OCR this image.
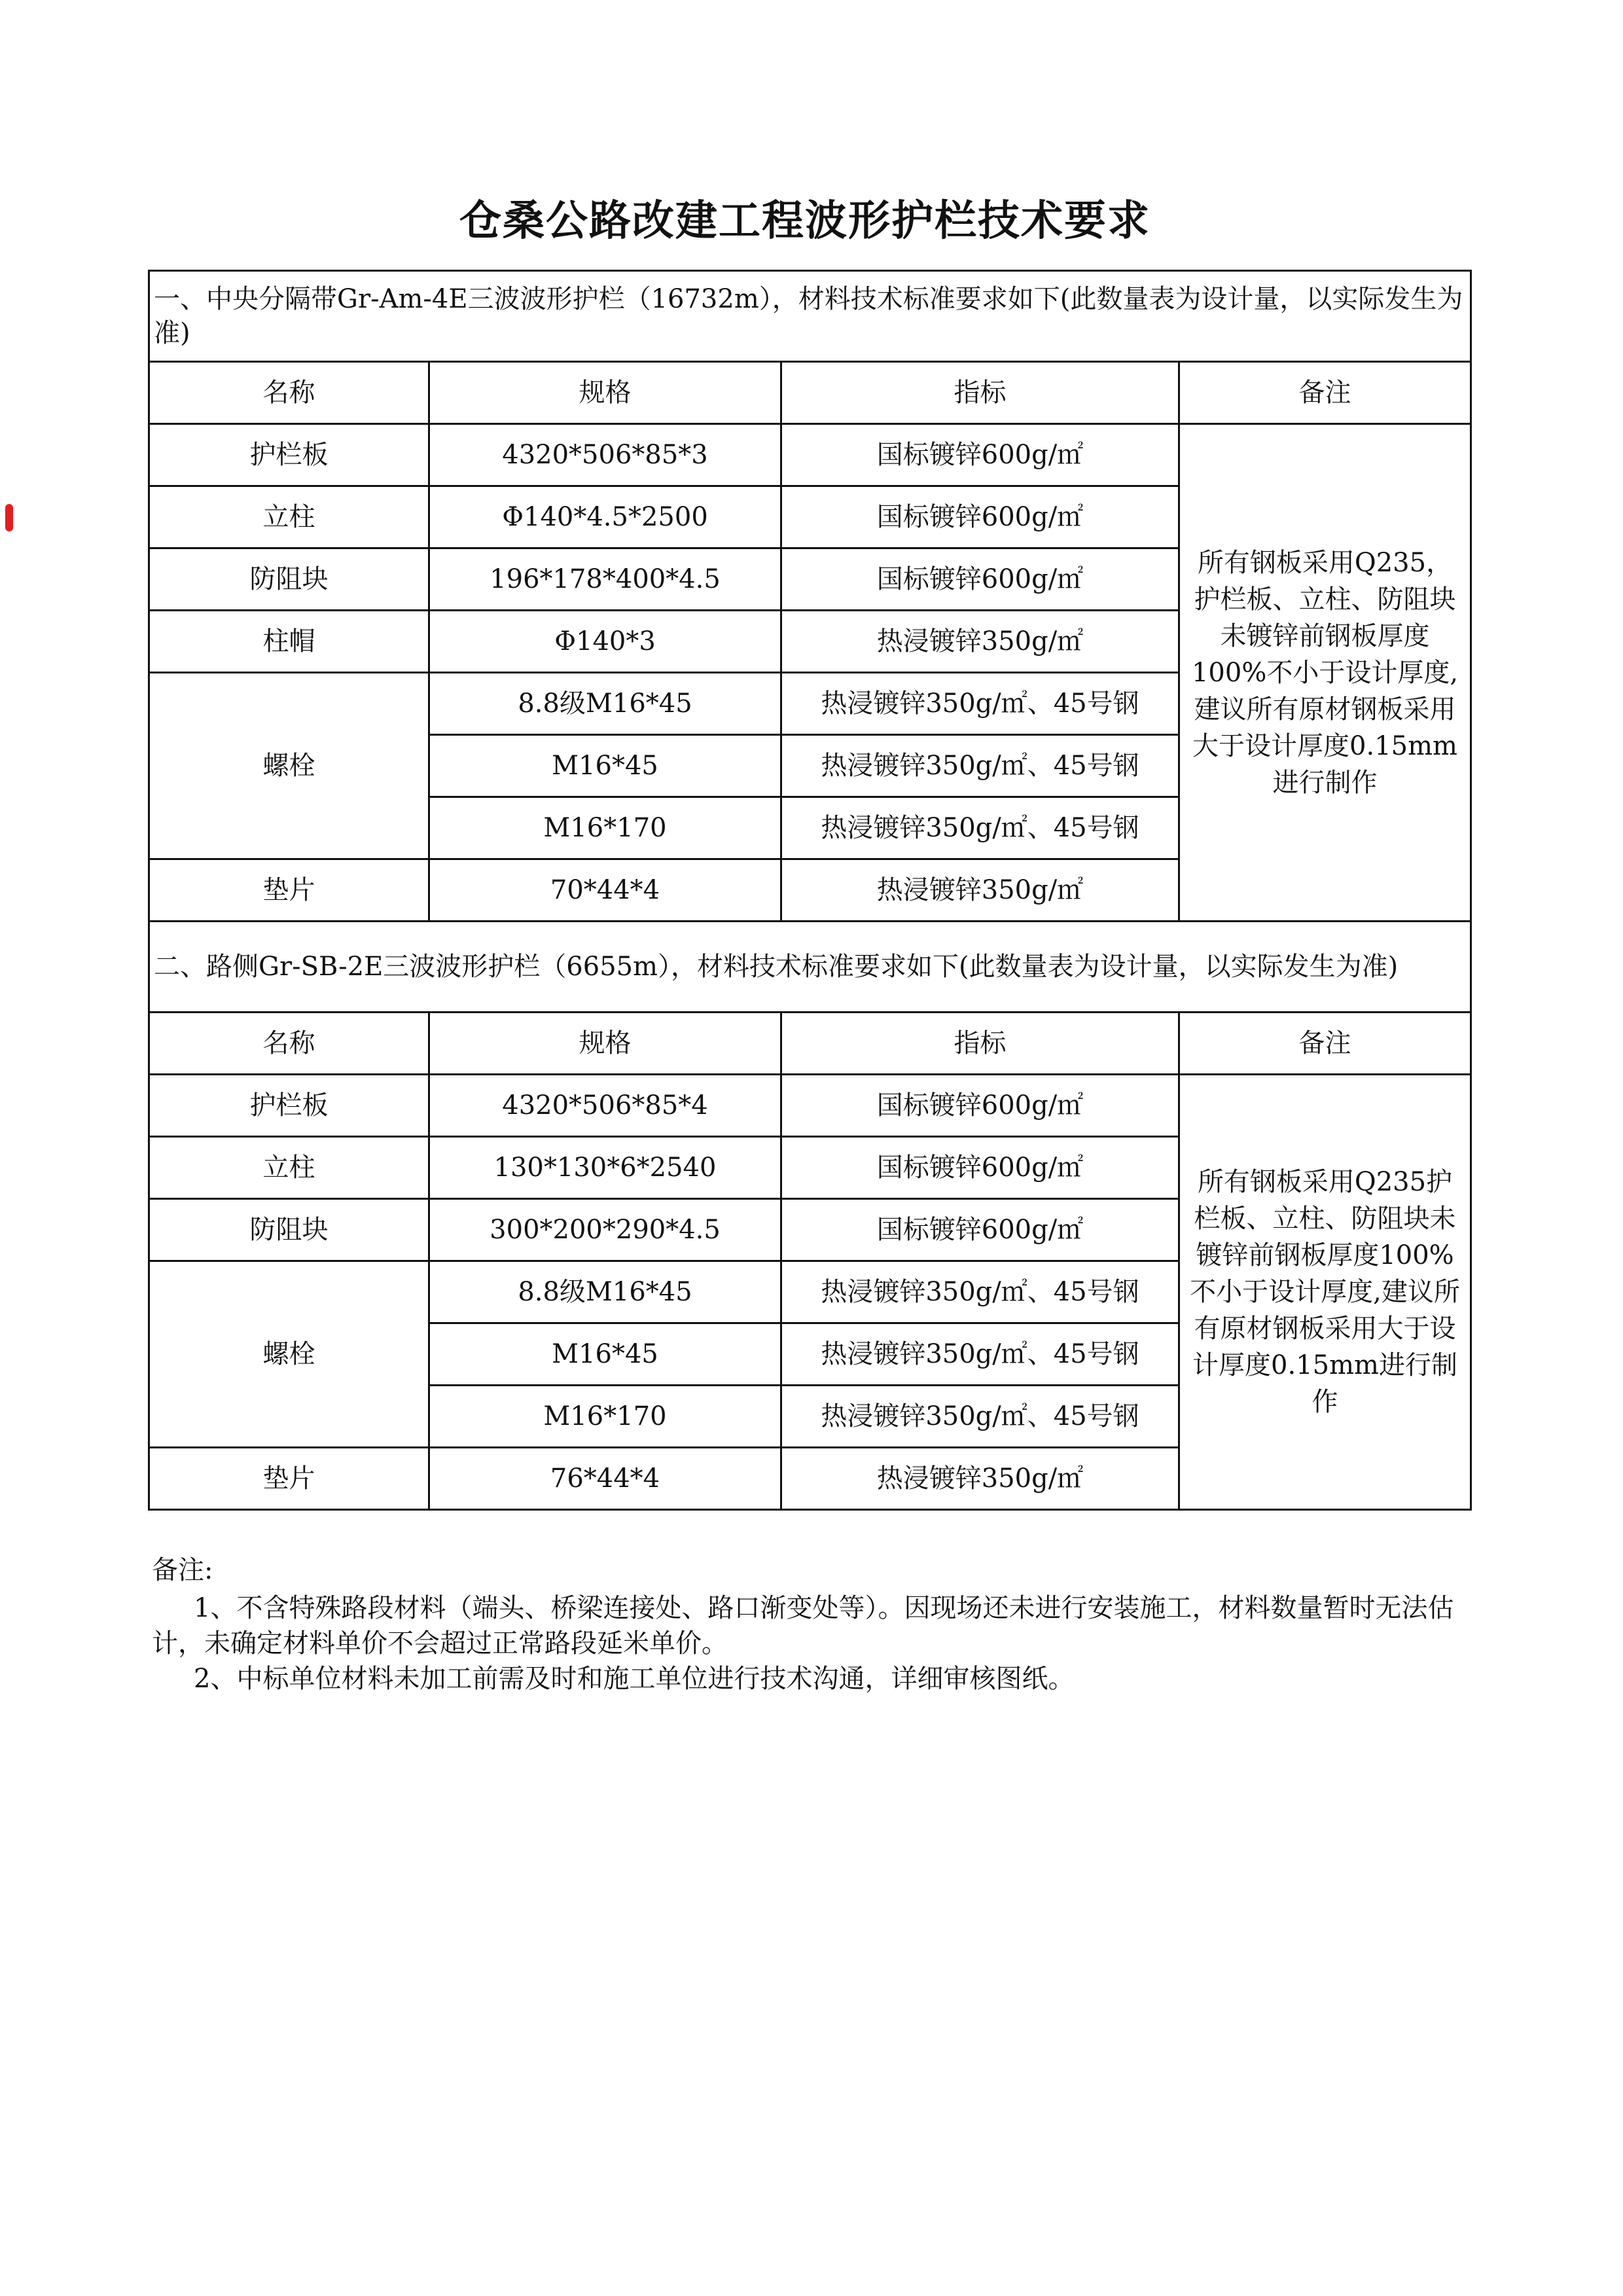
仓桑公路改建工程波形护栏技术要求
一、中央分隔带Gr-Am-4E三波波形护栏（16732m），材料技术标准要求如下(此数量表为设计量，以实际发生为准)			
名称	规格	指标	备注
护栏板	4320*506*85*3	国标镀锌600g/㎡	所有钢板采用Q235，护栏板、立柱、防阻块未镀锌前钢板厚度100%不小于设计厚度,建议所有原材钢板采用大于设计厚度0.15mm进行制作
立柱	Φ140*4.5*2500	国标镀锌600g/㎡	
防阻块	196*178*400*4.5	国标镀锌600g/㎡	
柱帽	Φ140*3	热浸镀锌350g/㎡	
螺栓	8.8级M16*45	热浸镀锌350g/㎡、45号钢	
	M16*45	热浸镀锌350g/㎡、45号钢	
	M16*170	热浸镀锌350g/㎡、45号钢	
垫片	70*44*4	热浸镀锌350g/㎡	
二、路侧Gr-SB-2E三波波形护栏（6655m），材料技术标准要求如下(此数量表为设计量，以实际发生为准)			
名称	规格	指标	备注
护栏板	4320*506*85*4	国标镀锌600g/㎡	所有钢板采用Q235护栏板、立柱、防阻块未镀锌前钢板厚度100%不小于设计厚度,建议所有原材钢板采用大于设计厚度0.15mm进行制作
立柱	130*130*6*2540	国标镀锌600g/㎡	
防阻块	300*200*290*4.5	国标镀锌600g/㎡	
螺栓	8.8级M16*45	热浸镀锌350g/㎡、45号钢	
	M16*45	热浸镀锌350g/㎡、45号钢	
	M16*170	热浸镀锌350g/㎡、45号钢	
垫片	76*44*4	热浸镀锌350g/㎡	
备注:
1、不含特殊路段材料（端头、桥梁连接处、路口渐变处等）。因现场还未进行安装施工，材料数量暂时无法估计，未确定材料单价不会超过正常路段延米单价。
2、中标单位材料未加工前需及时和施工单位进行技术沟通，详细审核图纸。
